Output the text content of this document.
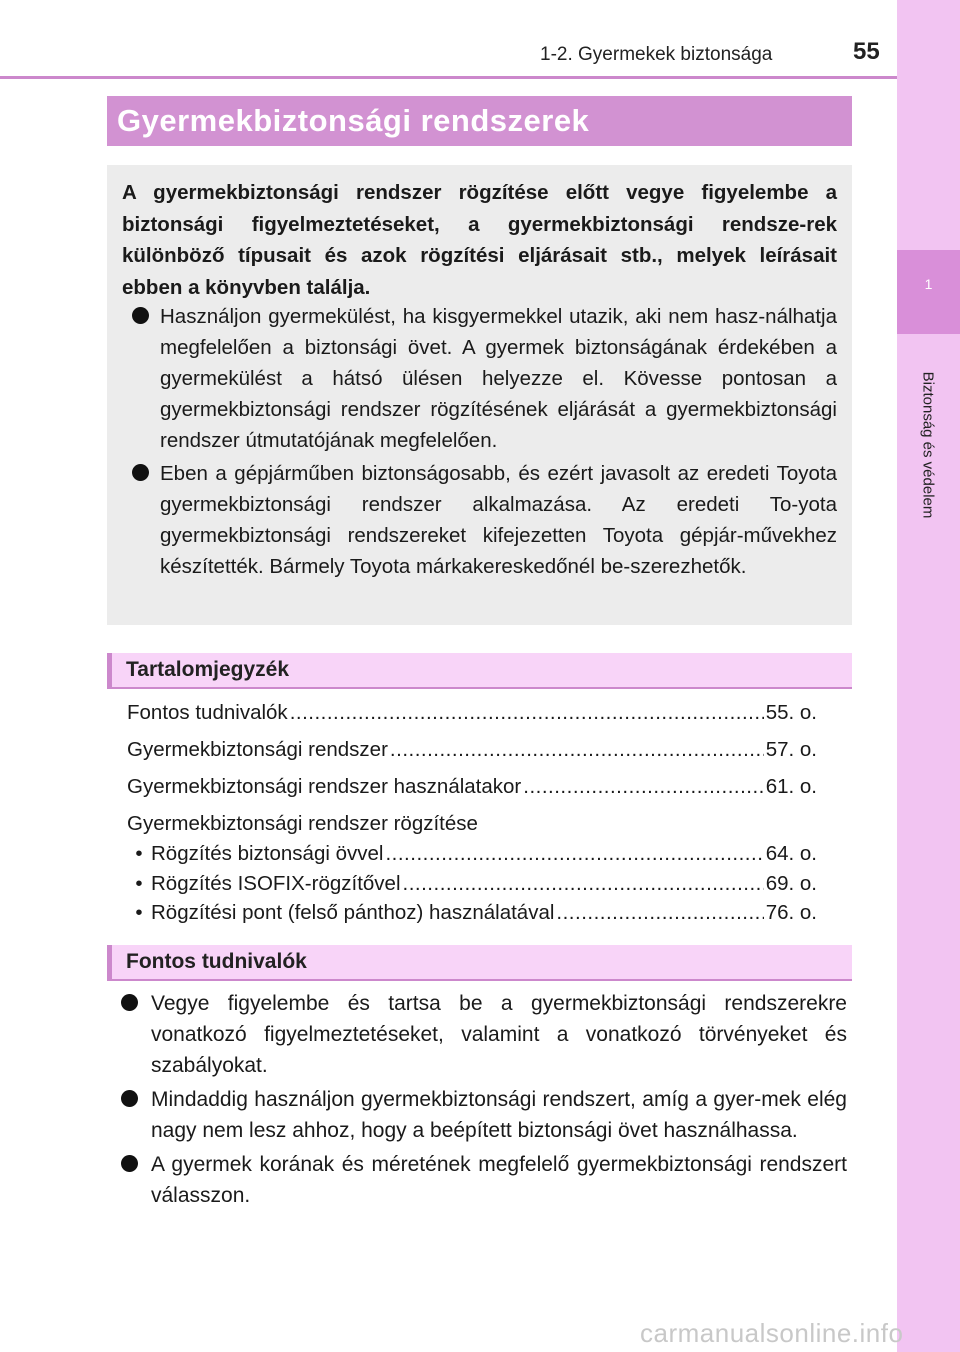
1
Biztonság és védelem
1-2. Gyermekek biztonsága	55
Gyermekbiztonsági rendszerek
A gyermekbiztonsági rendszer rögzítése előtt vegye figyelembe a biztonsági figyelmeztetéseket, a gyermekbiztonsági rendsze-rek különböző típusait és azok rögzítési eljárásait stb., melyek leírásait ebben a könyvben találja.
Használjon gyermekülést, ha kisgyermekkel utazik, aki nem hasz-nálhatja megfelelően a biztonsági övet. A gyermek biztonságának érdekében a gyermekülést a hátsó ülésen helyezze el. Kövesse pontosan a gyermekbiztonsági rendszer rögzítésének eljárását a gyermekbiztonsági rendszer útmutatójának megfelelően.
Eben a gépjárműben biztonságosabb, és ezért javasolt az eredeti Toyota gyermekbiztonsági rendszer alkalmazása. Az eredeti To-yota gyermekbiztonsági rendszereket kifejezetten Toyota gépjár-művekhez készítették. Bármely Toyota márkakereskedőnél be-szerezhetők.
Tartalomjegyzék
Fontos tudnivalók .....	55. o.
Gyermekbiztonsági rendszer .....	57. o.
Gyermekbiztonsági rendszer használatakor .....	61. o.
Gyermekbiztonsági rendszer rögzítése
• Rögzítés biztonsági övvel .....	64. o.
• Rögzítés ISOFIX-rögzítővel .....	69. o.
• Rögzítési pont (felső pánthoz) használatával .....	76. o.
Fontos tudnivalók
Vegye figyelembe és tartsa be a gyermekbiztonsági rendszerekre vonatkozó figyelmeztetéseket, valamint a vonatkozó törvényeket és szabályokat.
Mindaddig használjon gyermekbiztonsági rendszert, amíg a gyer-mek elég nagy nem lesz ahhoz, hogy a beépített biztonsági övet használhassa.
A gyermek korának és méretének megfelelő gyermekbiztonsági rendszert válasszon.
carmanualsonline.info
